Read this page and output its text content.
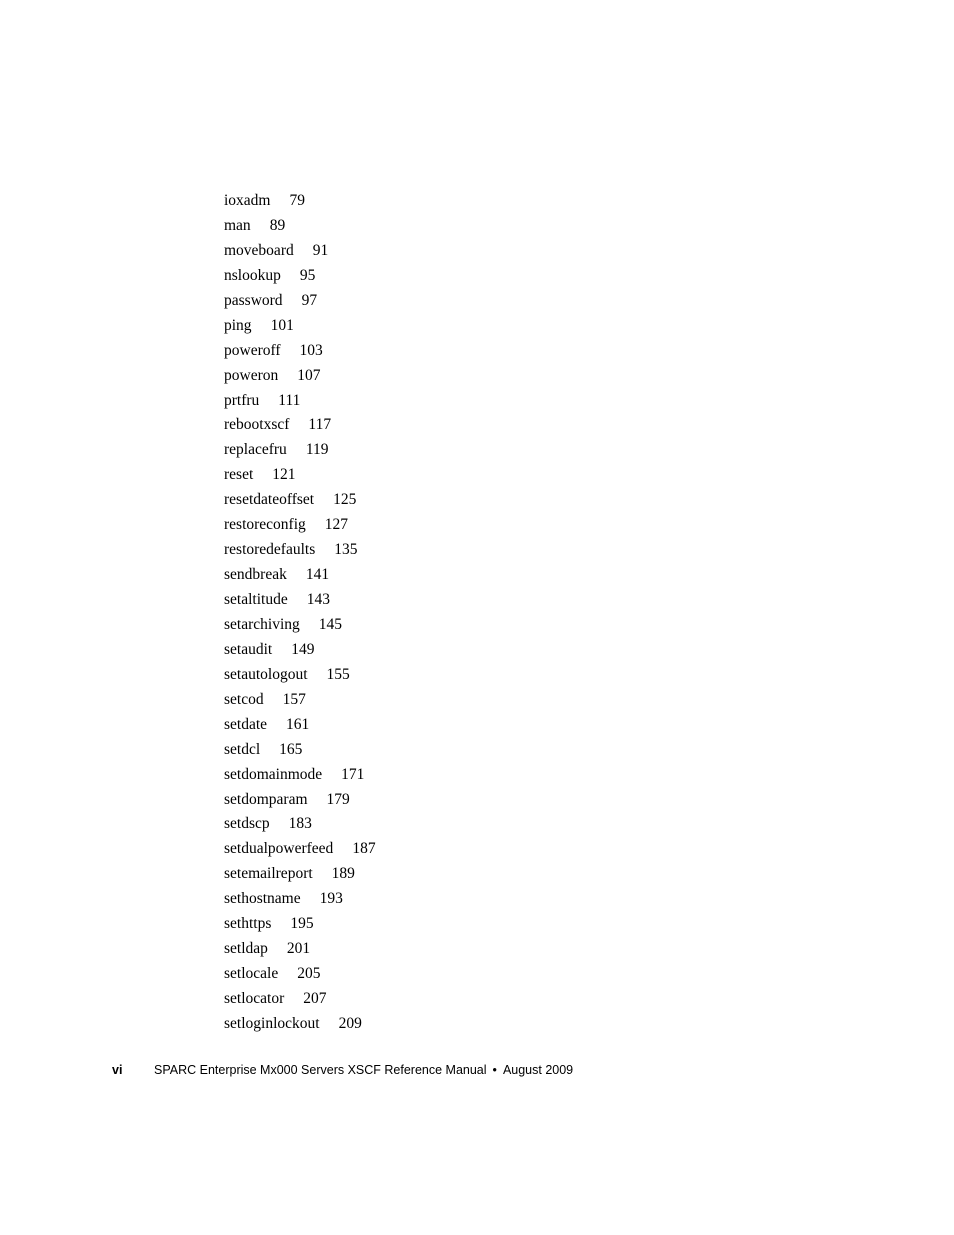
ioxadm 79
man 89
moveboard 91
nslookup 95
password 97
ping 101
poweroff 103
poweron 107
prtfru 111
rebootxscf 117
replacefru 119
reset 121
resetdateoffset 125
restoreconfig 127
restoredefaults 135
sendbreak 141
setaltitude 143
setarchiving 145
setaudit 149
setautologout 155
setcod 157
setdate 161
setdcl 165
setdomainmode 171
setdomparam 179
setdscp 183
setdualpowerfeed 187
setemailreport 189
sethostname 193
sethttps 195
setldap 201
setlocale 205
setlocator 207
setloginlockout 209
vi	SPARC Enterprise Mx000 Servers XSCF Reference Manual • August 2009
